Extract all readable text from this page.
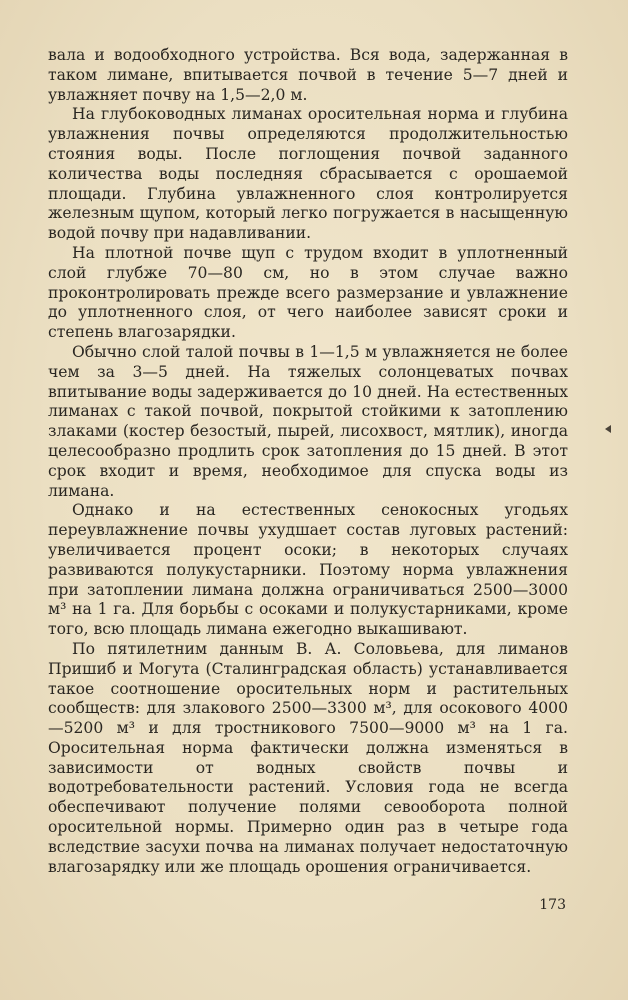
вала и водообходного устройства. Вся вода, задержанная в таком лимане, впитывается почвой в течение 5—7 дней и увлажняет почву на 1,5—2,0 м.

На глубоководных лиманах оросительная норма и глубина увлажнения почвы определяются продолжительностью стояния воды. После поглощения почвой заданного количества воды последняя сбрасывается с орошаемой площади. Глубина увлажненного слоя контролируется железным щупом, который легко погружается в насыщенную водой почву при надавливании.

На плотной почве щуп с трудом входит в уплотненный слой глубже 70—80 см, но в этом случае важно проконтролировать прежде всего размерзание и увлажнение до уплотненного слоя, от чего наиболее зависят сроки и степень влагозарядки.

Обычно слой талой почвы в 1—1,5 м увлажняется не более чем за 3—5 дней. На тяжелых солонцеватых почвах впитывание воды задерживается до 10 дней. На естественных лиманах с такой почвой, покрытой стойкими к затоплению злаками (костер безостый, пырей, лисохвост, мятлик), иногда целесообразно продлить срок затопления до 15 дней. В этот срок входит и время, необходимое для спуска воды из лимана.

Однако и на естественных сенокосных угодьях переувлажнение почвы ухудшает состав луговых растений: увеличивается процент осоки; в некоторых случаях развиваются полукустарники. Поэтому норма увлажнения при затоплении лимана должна ограничиваться 2500—3000 м³ на 1 га. Для борьбы с осоками и полукустарниками, кроме того, всю площадь лимана ежегодно выкашивают.

По пятилетним данным В. А. Соловьева, для лиманов Пришиб и Могута (Сталинградская область) устанавливается такое соотношение оросительных норм и растительных сообществ: для злакового 2500—3300 м³, для осокового 4000—5200 м³ и для тростникового 7500—9000 м³ на 1 га. Оросительная норма фактически должна изменяться в зависимости от водных свойств почвы и водотребовательности растений. Условия года не всегда обеспечивают получение полями севооборота полной оросительной нормы. Примерно один раз в четыре года вследствие засухи почва на лиманах получает недостаточную влагозарядку или же площадь орошения ограничивается.

173
